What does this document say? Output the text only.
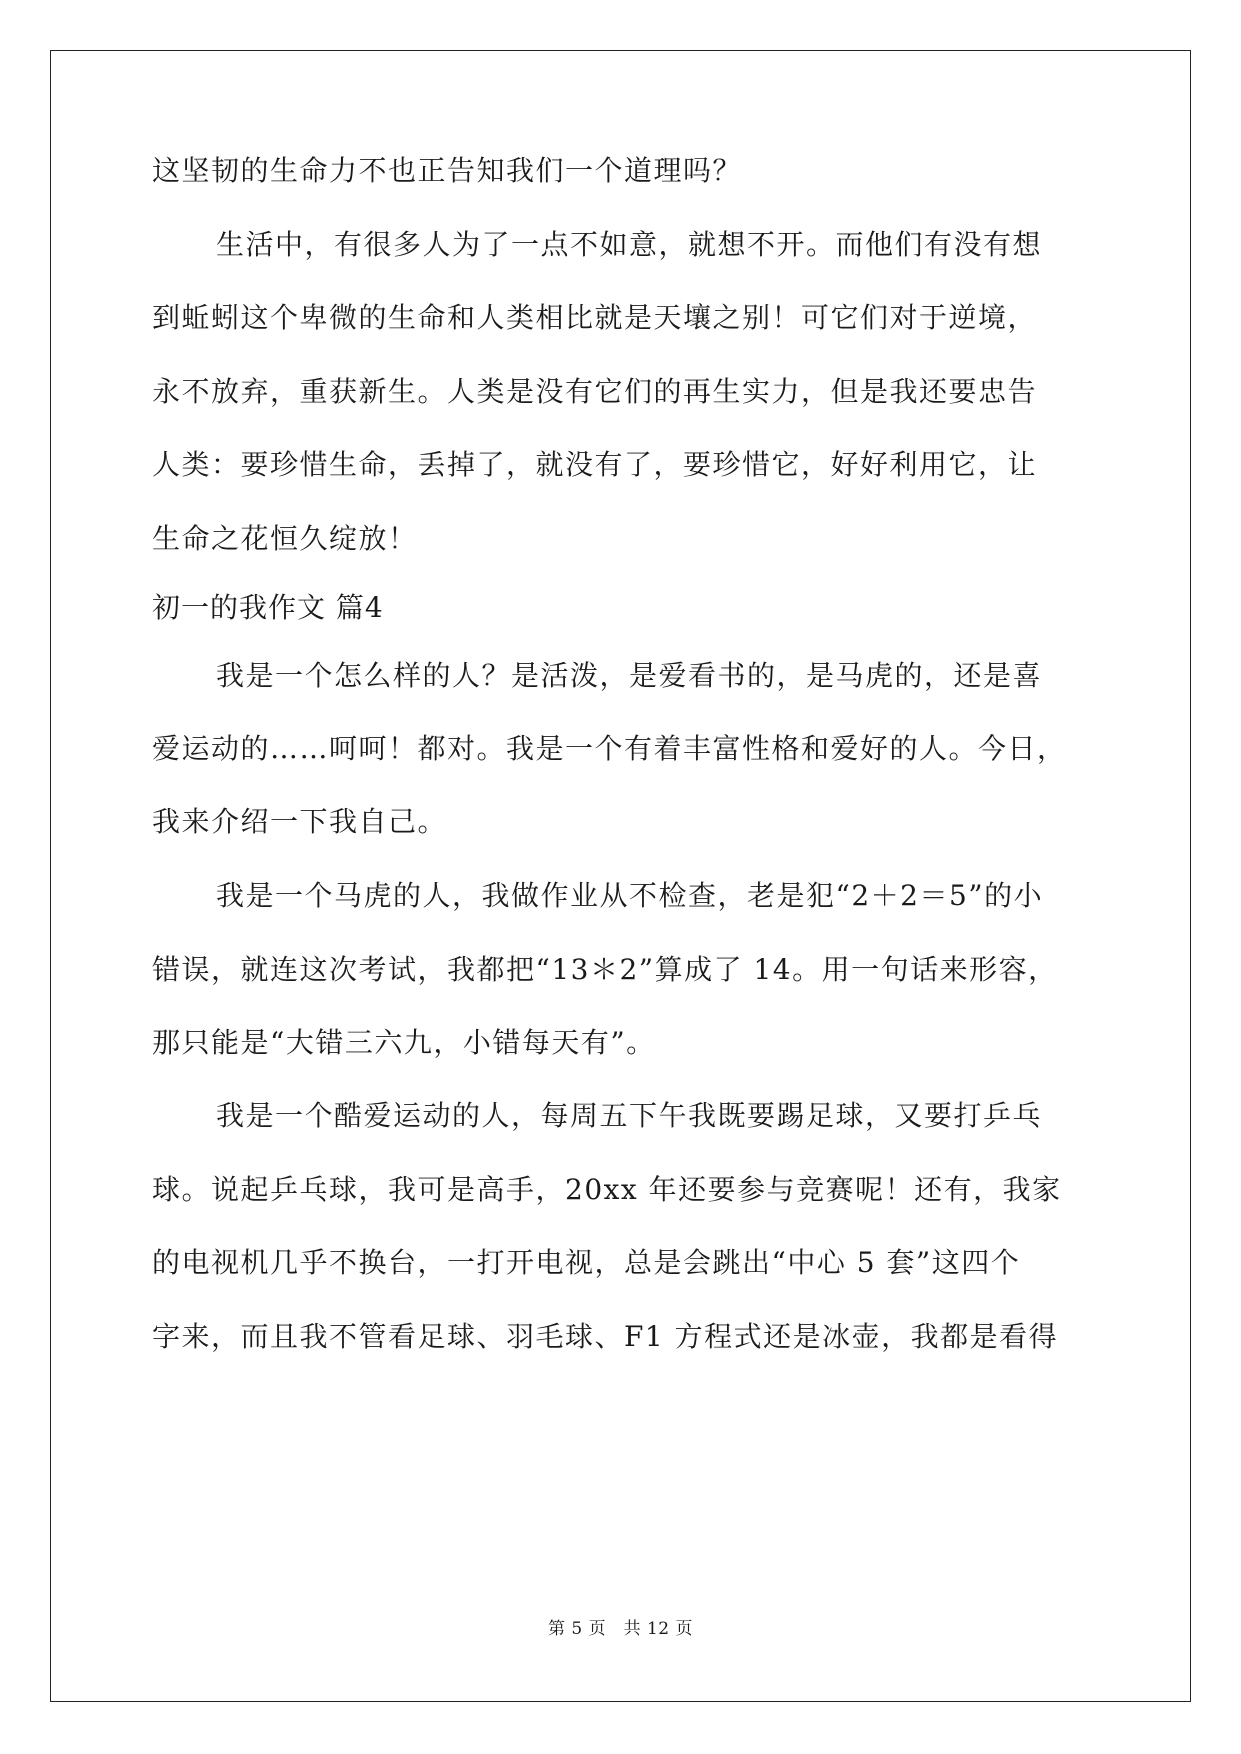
这坚韧的生命力不也正告知我们一个道理吗？
生活中，有很多人为了一点不如意，就想不开。而他们有没有想
到蚯蚓这个卑微的生命和人类相比就是天壤之别！可它们对于逆境，
永不放弃，重获新生。人类是没有它们的再生实力，但是我还要忠告
人类：要珍惜生命，丢掉了，就没有了，要珍惜它，好好利用它，让
生命之花恒久绽放！
初一的我作文 篇4
我是一个怎么样的人？是活泼，是爱看书的，是马虎的，还是喜
爱运动的……呵呵！都对。我是一个有着丰富性格和爱好的人。今日，
我来介绍一下我自己。
我是一个马虎的人，我做作业从不检查，老是犯“2＋2＝5”的小
错误，就连这次考试，我都把“13＊2”算成了 14。用一句话来形容，
那只能是“大错三六九，小错每天有”。
我是一个酷爱运动的人，每周五下午我既要踢足球，又要打乒乓
球。说起乒乓球，我可是高手，20xx 年还要参与竞赛呢！还有，我家
的电视机几乎不换台，一打开电视，总是会跳出“中心 5 套”这四个
字来，而且我不管看足球、羽毛球、F1 方程式还是冰壶，我都是看得
第 5 页　共 12 页
